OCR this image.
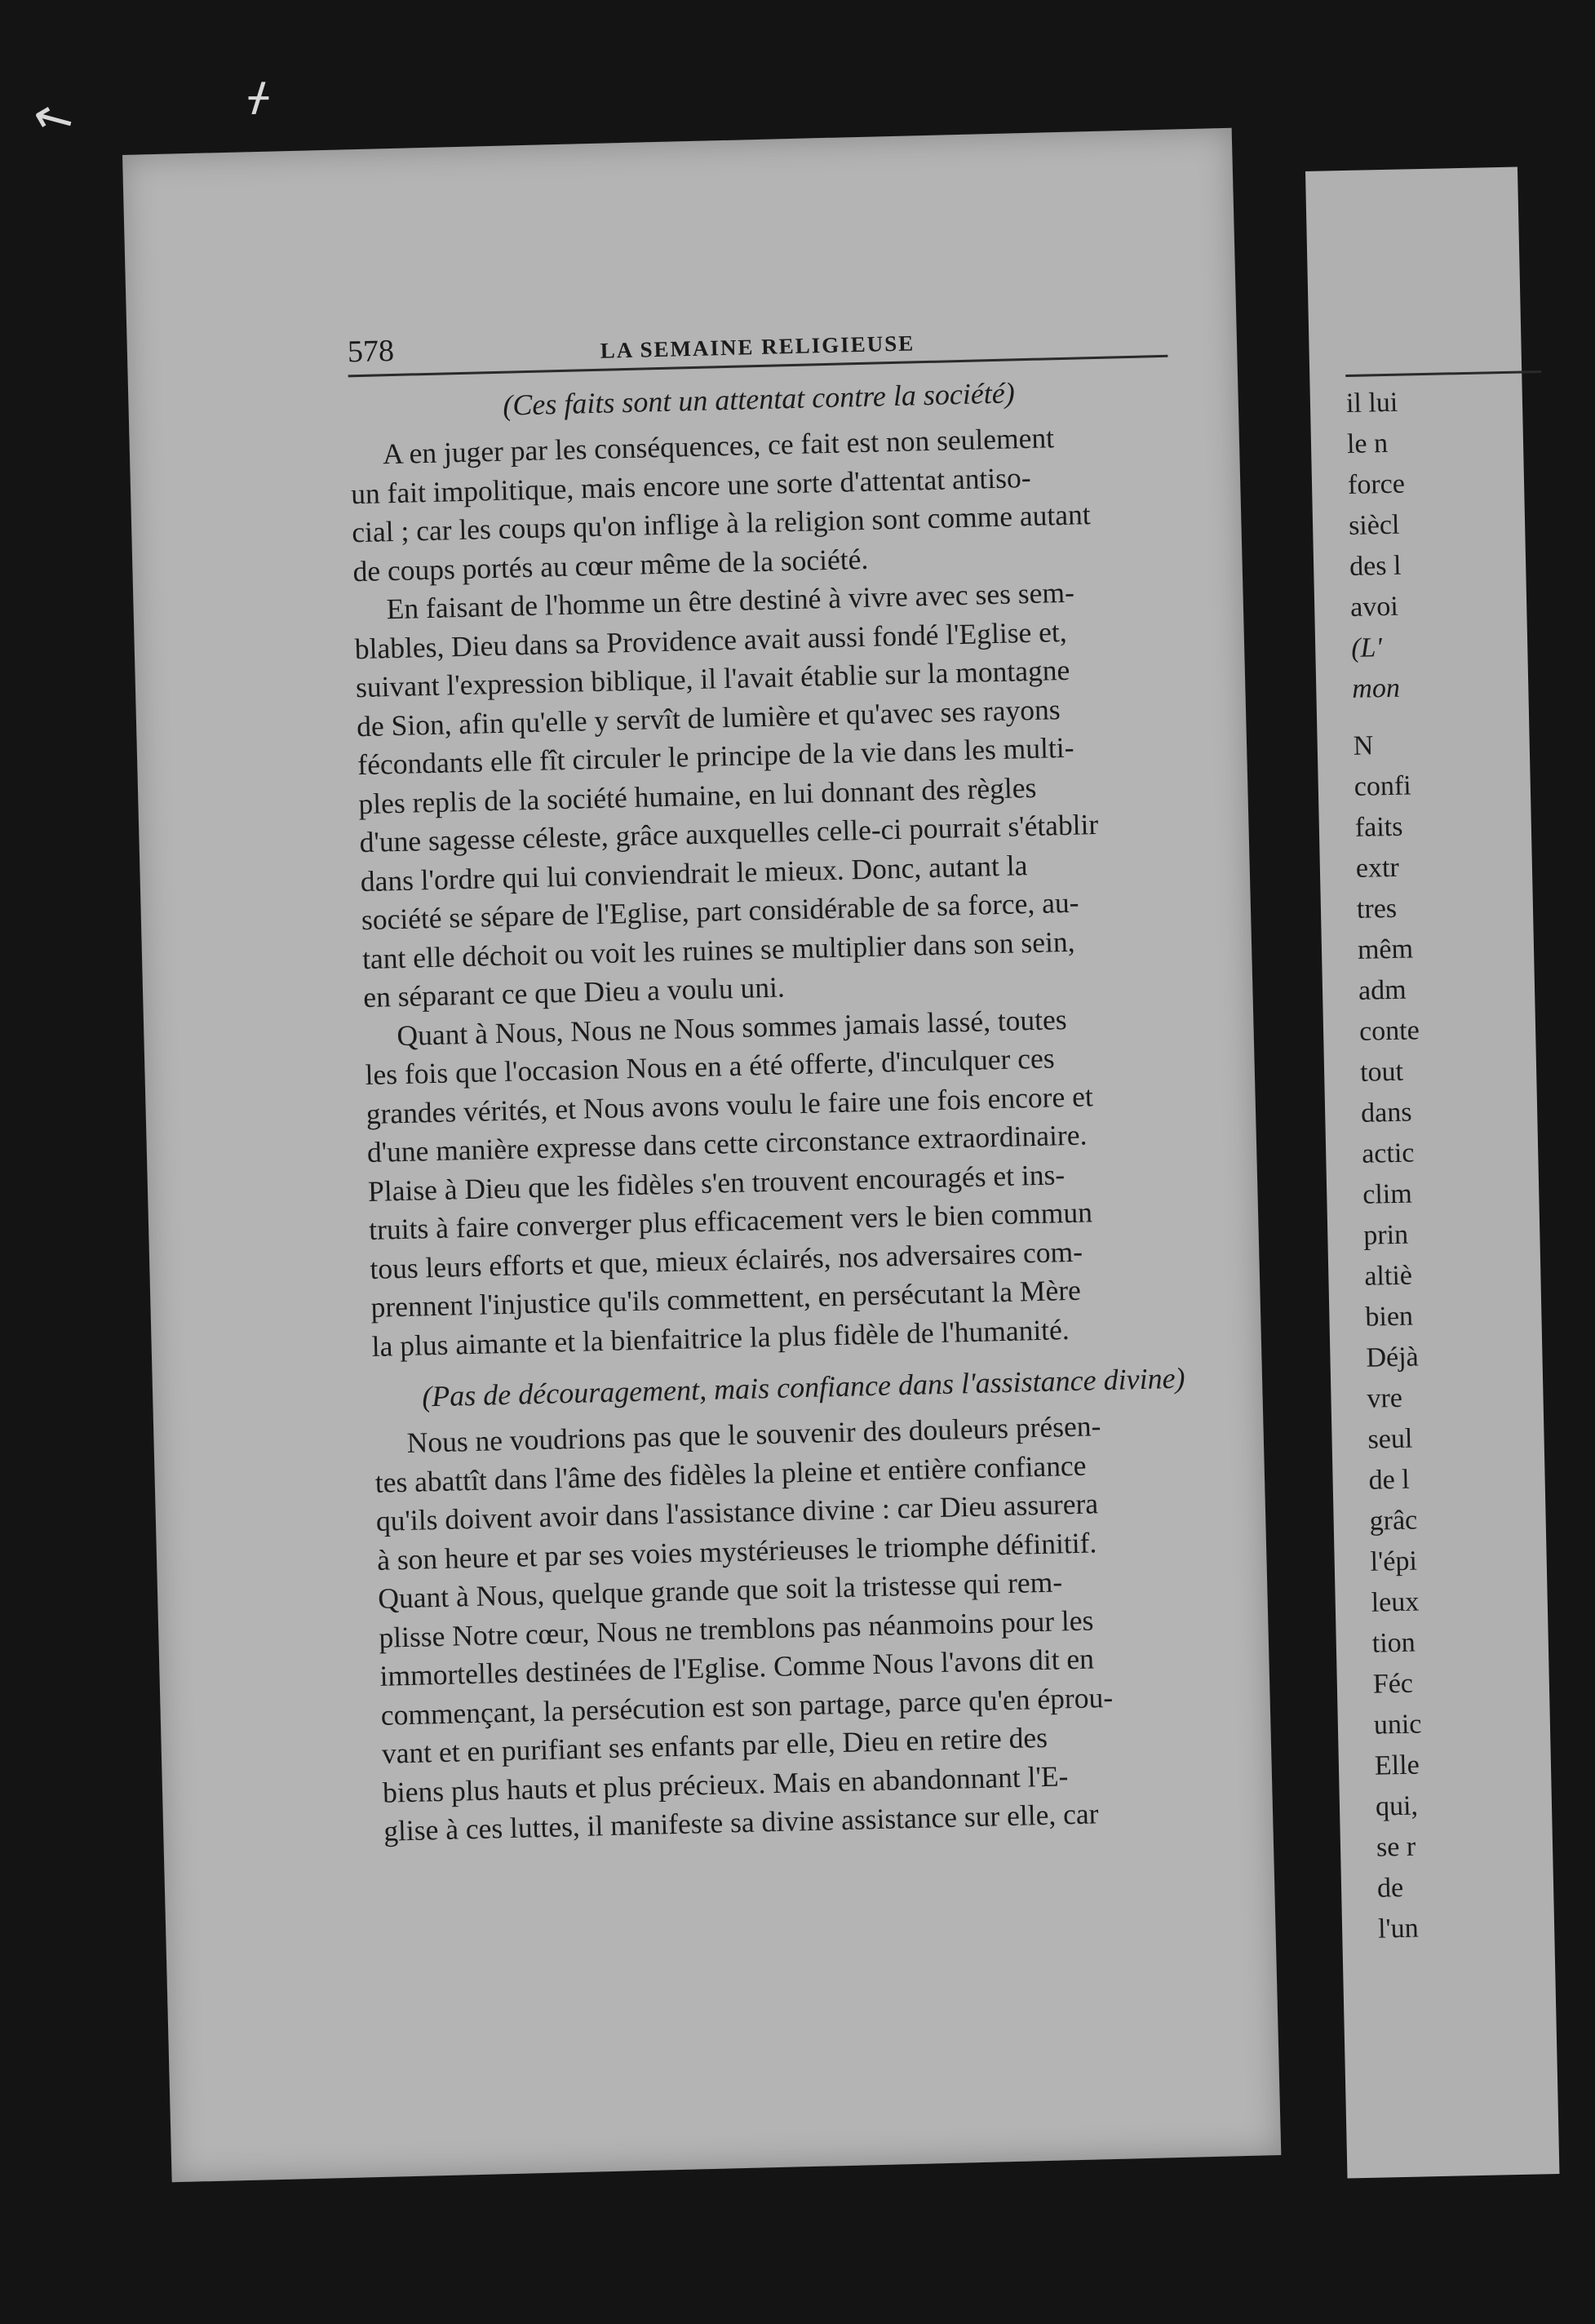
↖	ᚋ
578	LA SEMAINE RELIGIEUSE
(Ces faits sont un attentat contre la société)
A en juger par les conséquences, ce fait est non seulement
un fait impolitique, mais encore une sorte d'attentat antiso-
cial ; car les coups qu'on inflige à la religion sont comme autant
de coups portés au cœur même de la société.
En faisant de l'homme un être destiné à vivre avec ses sem-
blables, Dieu dans sa Providence avait aussi fondé l'Eglise et,
suivant l'expression biblique, il l'avait établie sur la montagne
de Sion, afin qu'elle y servît de lumière et qu'avec ses rayons
fécondants elle fît circuler le principe de la vie dans les multi-
ples replis de la société humaine, en lui donnant des règles
d'une sagesse céleste, grâce auxquelles celle-ci pourrait s'établir
dans l'ordre qui lui conviendrait le mieux. Donc, autant la
société se sépare de l'Eglise, part considérable de sa force, au-
tant elle déchoit ou voit les ruines se multiplier dans son sein,
en séparant ce que Dieu a voulu uni.
Quant à Nous, Nous ne Nous sommes jamais lassé, toutes
les fois que l'occasion Nous en a été offerte, d'inculquer ces
grandes vérités, et Nous avons voulu le faire une fois encore et
d'une manière expresse dans cette circonstance extraordinaire.
Plaise à Dieu que les fidèles s'en trouvent encouragés et ins-
truits à faire converger plus efficacement vers le bien commun
tous leurs efforts et que, mieux éclairés, nos adversaires com-
prennent l'injustice qu'ils commettent, en persécutant la Mère
la plus aimante et la bienfaitrice la plus fidèle de l'humanité.
(Pas de découragement, mais confiance dans l'assistance divine)
Nous ne voudrions pas que le souvenir des douleurs présen-
tes abattît dans l'âme des fidèles la pleine et entière confiance
qu'ils doivent avoir dans l'assistance divine : car Dieu assurera
à son heure et par ses voies mystérieuses le triomphe définitif.
Quant à Nous, quelque grande que soit la tristesse qui rem-
plisse Notre cœur, Nous ne tremblons pas néanmoins pour les
immortelles destinées de l'Eglise. Comme Nous l'avons dit en
commençant, la persécution est son partage, parce qu'en éprou-
vant et en purifiant ses enfants par elle, Dieu en retire des
biens plus hauts et plus précieux. Mais en abandonnant l'E-
glise à ces luttes, il manifeste sa divine assistance sur elle, car
il lui
le n
force
siècl
des l
avoi
(L'
mon
N
confi
faits
extr
tres
mêm
adm
conte
tout
dans
actic
clim
prin
altiè
bien
Déjà
vre
seul
de l
grâc
l'épi
leux
tion
Féc
unic
Elle
qui,
se r
de
l'un
